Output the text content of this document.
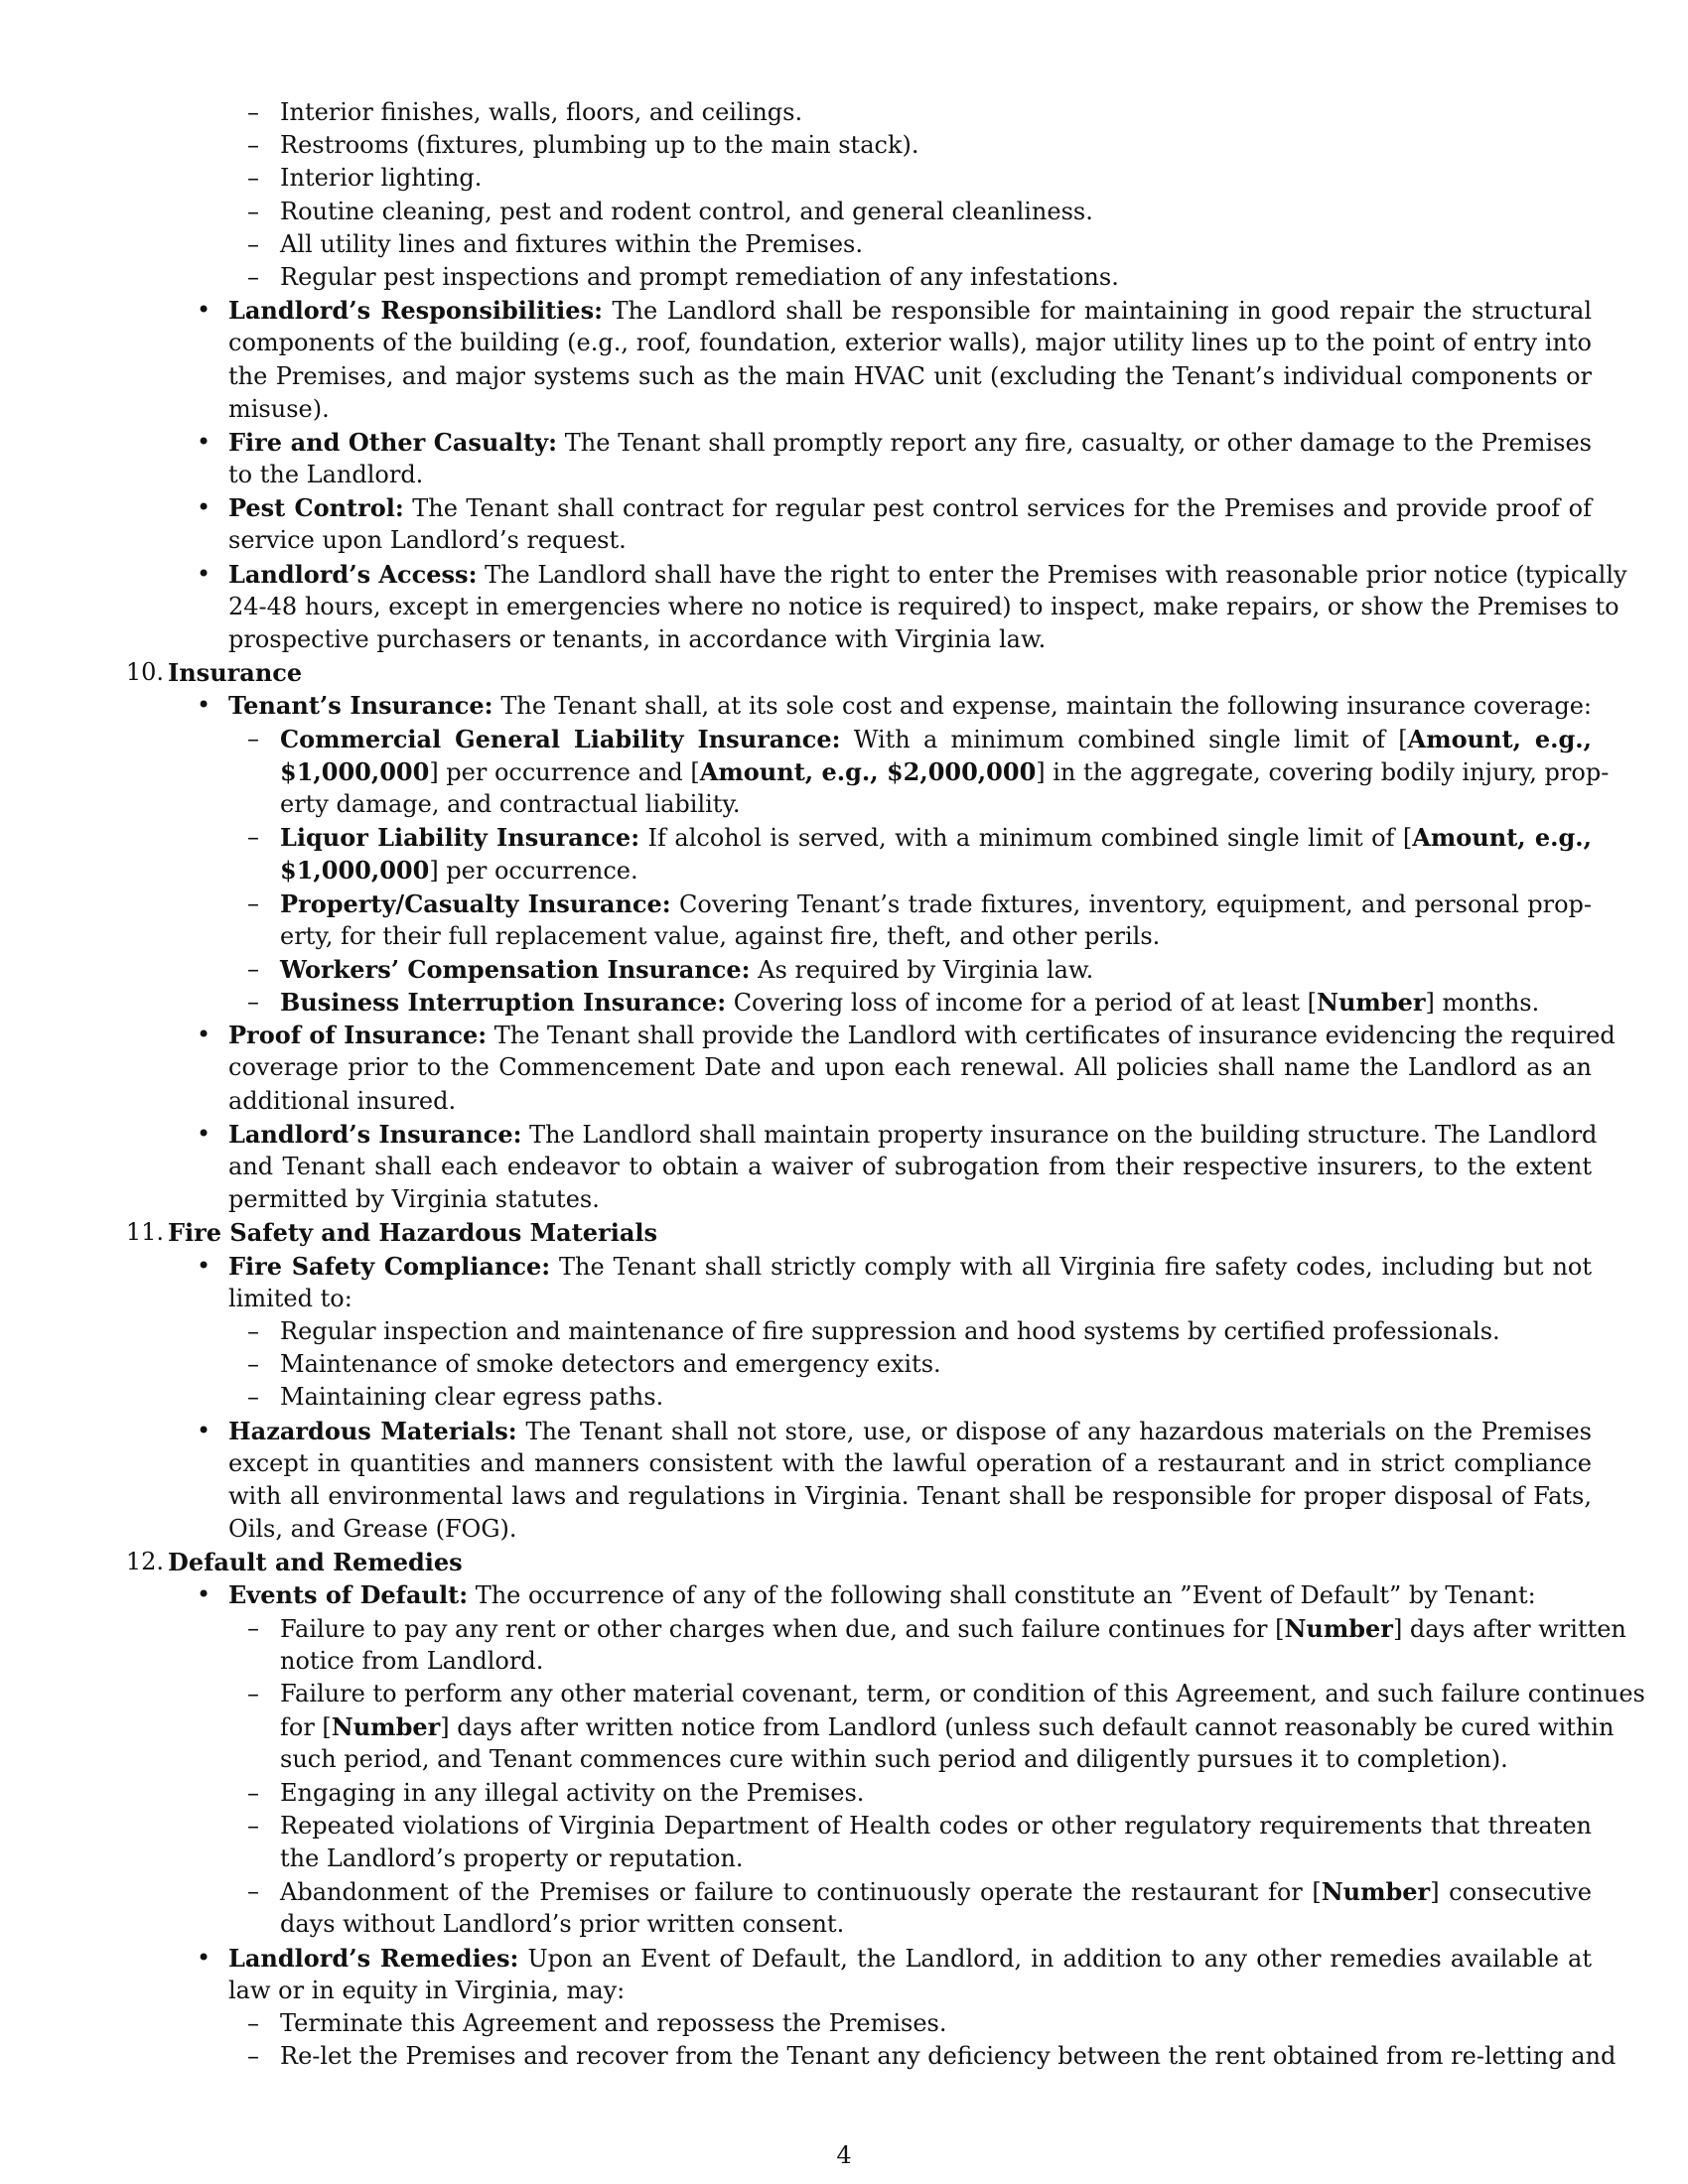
– Interior finishes, walls, floors, and ceilings.
– Restrooms (fixtures, plumbing up to the main stack).
– Interior lighting.
– Routine cleaning, pest and rodent control, and general cleanliness.
– All utility lines and fixtures within the Premises.
– Regular pest inspections and prompt remediation of any infestations.
• Landlord’s Responsibilities: The Landlord shall be responsible for maintaining in good repair the structural
components of the building (e.g., roof, foundation, exterior walls), major utility lines up to the point of entry into
the Premises, and major systems such as the main HVAC unit (excluding the Tenant’s individual components or
misuse).
• Fire and Other Casualty: The Tenant shall promptly report any fire, casualty, or other damage to the Premises
to the Landlord.
• Pest Control: The Tenant shall contract for regular pest control services for the Premises and provide proof of
service upon Landlord’s request.
• Landlord’s Access: The Landlord shall have the right to enter the Premises with reasonable prior notice (typically
24-48 hours, except in emergencies where no notice is required) to inspect, make repairs, or show the Premises to
prospective purchasers or tenants, in accordance with Virginia law.
10. Insurance
• Tenant’s Insurance: The Tenant shall, at its sole cost and expense, maintain the following insurance coverage:
– Commercial General Liability Insurance: With a minimum combined single limit of [Amount, e.g.,
$1,000,000] per occurrence and [Amount, e.g., $2,000,000] in the aggregate, covering bodily injury, prop-
erty damage, and contractual liability.
– Liquor Liability Insurance: If alcohol is served, with a minimum combined single limit of [Amount, e.g.,
$1,000,000] per occurrence.
– Property/Casualty Insurance: Covering Tenant’s trade fixtures, inventory, equipment, and personal prop-
erty, for their full replacement value, against fire, theft, and other perils.
– Workers’ Compensation Insurance: As required by Virginia law.
– Business Interruption Insurance: Covering loss of income for a period of at least [Number] months.
• Proof of Insurance: The Tenant shall provide the Landlord with certificates of insurance evidencing the required
coverage prior to the Commencement Date and upon each renewal. All policies shall name the Landlord as an
additional insured.
• Landlord’s Insurance: The Landlord shall maintain property insurance on the building structure. The Landlord
and Tenant shall each endeavor to obtain a waiver of subrogation from their respective insurers, to the extent
permitted by Virginia statutes.
11. Fire Safety and Hazardous Materials
• Fire Safety Compliance: The Tenant shall strictly comply with all Virginia fire safety codes, including but not
limited to:
– Regular inspection and maintenance of fire suppression and hood systems by certified professionals.
– Maintenance of smoke detectors and emergency exits.
– Maintaining clear egress paths.
• Hazardous Materials: The Tenant shall not store, use, or dispose of any hazardous materials on the Premises
except in quantities and manners consistent with the lawful operation of a restaurant and in strict compliance
with all environmental laws and regulations in Virginia. Tenant shall be responsible for proper disposal of Fats,
Oils, and Grease (FOG).
12. Default and Remedies
• Events of Default: The occurrence of any of the following shall constitute an ”Event of Default” by Tenant:
– Failure to pay any rent or other charges when due, and such failure continues for [Number] days after written
notice from Landlord.
– Failure to perform any other material covenant, term, or condition of this Agreement, and such failure continues
for [Number] days after written notice from Landlord (unless such default cannot reasonably be cured within
such period, and Tenant commences cure within such period and diligently pursues it to completion).
– Engaging in any illegal activity on the Premises.
– Repeated violations of Virginia Department of Health codes or other regulatory requirements that threaten
the Landlord’s property or reputation.
– Abandonment of the Premises or failure to continuously operate the restaurant for [Number] consecutive
days without Landlord’s prior written consent.
• Landlord’s Remedies: Upon an Event of Default, the Landlord, in addition to any other remedies available at
law or in equity in Virginia, may:
– Terminate this Agreement and repossess the Premises.
– Re-let the Premises and recover from the Tenant any deficiency between the rent obtained from re-letting and
4
